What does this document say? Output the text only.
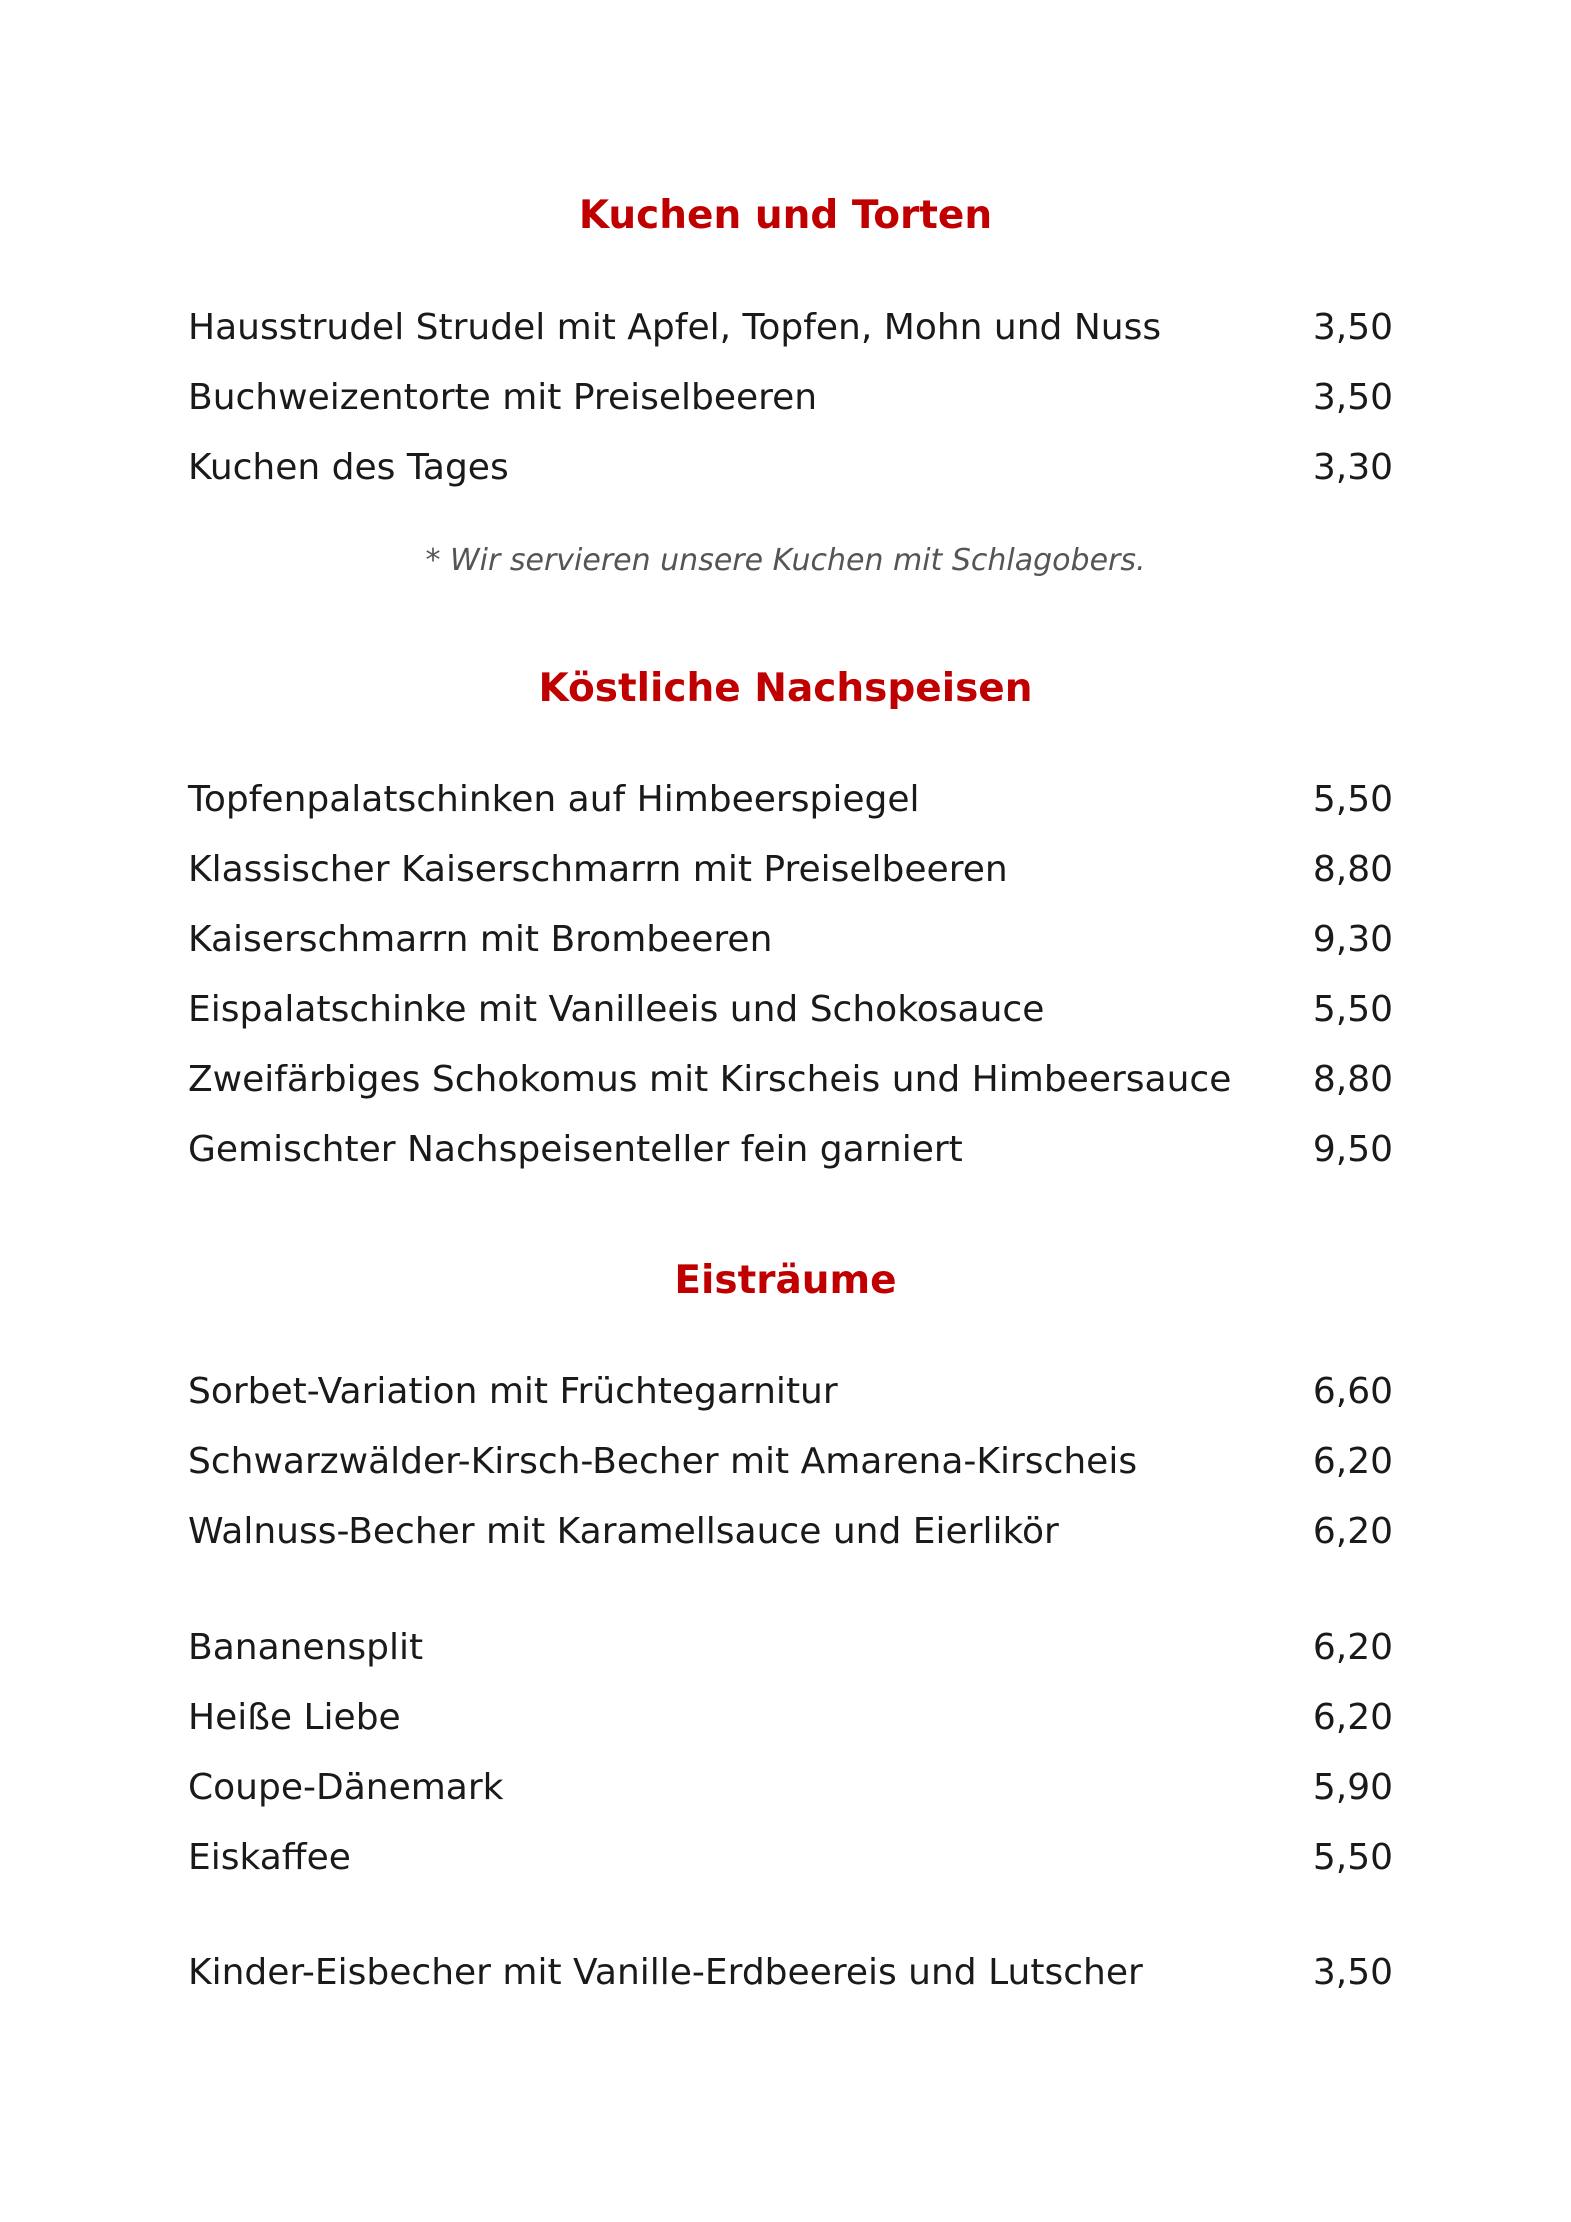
Kuchen und Torten
Hausstrudel Strudel mit Apfel, Topfen, Mohn und Nuss	3,50
Buchweizentorte mit Preiselbeeren	3,50
Kuchen des Tages	3,30
* Wir servieren unsere Kuchen mit Schlagobers.
Köstliche Nachspeisen
Topfenpalatschinken auf Himbeerspiegel	5,50
Klassischer Kaiserschmarrn mit Preiselbeeren	8,80
Kaiserschmarrn mit Brombeeren	9,30
Eispalatschinke mit Vanilleeis und Schokosauce	5,50
Zweifärbiges Schokomus mit Kirscheis und Himbeersauce 8,80
Gemischter Nachspeisenteller fein garniert	9,50
Eisträume
Sorbet-Variation mit Früchtegarnitur	6,60
Schwarzwälder-Kirsch-Becher mit Amarena-Kirscheis	6,20
Walnuss-Becher mit Karamellsauce und Eierlikör	6,20
Bananensplit	6,20
Heiße Liebe	6,20
Coupe-Dänemark	5,90
Eiskaffee	5,50
Kinder-Eisbecher mit Vanille-Erdbeereis und Lutscher	3,50
